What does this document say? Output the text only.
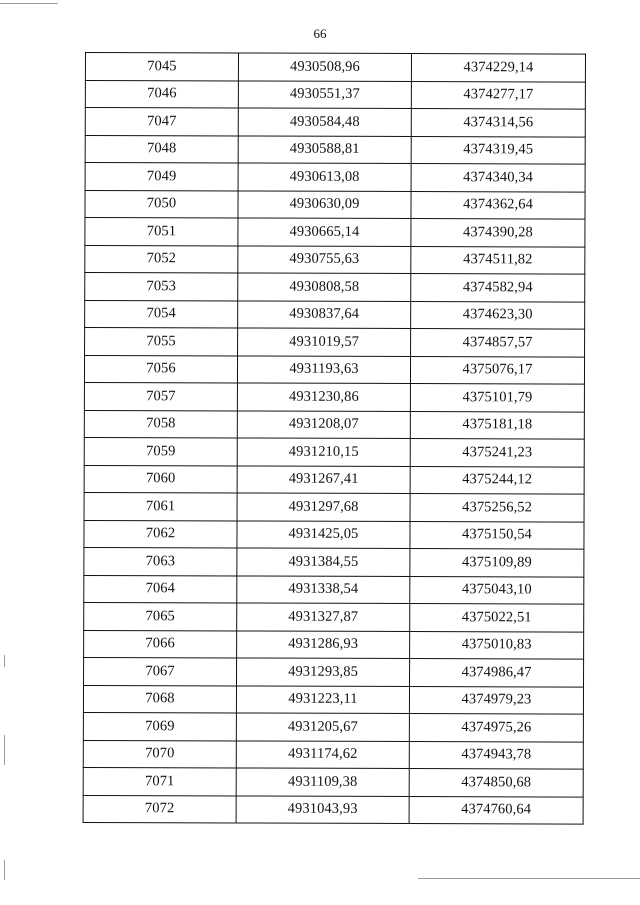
66
7045	4930508,96	4374229,14
7046	4930551,37	4374277,17
7047	4930584,48	4374314,56
7048	4930588,81	4374319,45
7049	4930613,08	4374340,34
7050	4930630,09	4374362,64
7051	4930665,14	4374390,28
7052	4930755,63	4374511,82
7053	4930808,58	4374582,94
7054	4930837,64	4374623,30
7055	4931019,57	4374857,57
7056	4931193,63	4375076,17
7057	4931230,86	4375101,79
7058	4931208,07	4375181,18
7059	4931210,15	4375241,23
7060	4931267,41	4375244,12
7061	4931297,68	4375256,52
7062	4931425,05	4375150,54
7063	4931384,55	4375109,89
7064	4931338,54	4375043,10
7065	4931327,87	4375022,51
7066	4931286,93	4375010,83
7067	4931293,85	4374986,47
7068	4931223,11	4374979,23
7069	4931205,67	4374975,26
7070	4931174,62	4374943,78
7071	4931109,38	4374850,68
7072	4931043,93	4374760,64
